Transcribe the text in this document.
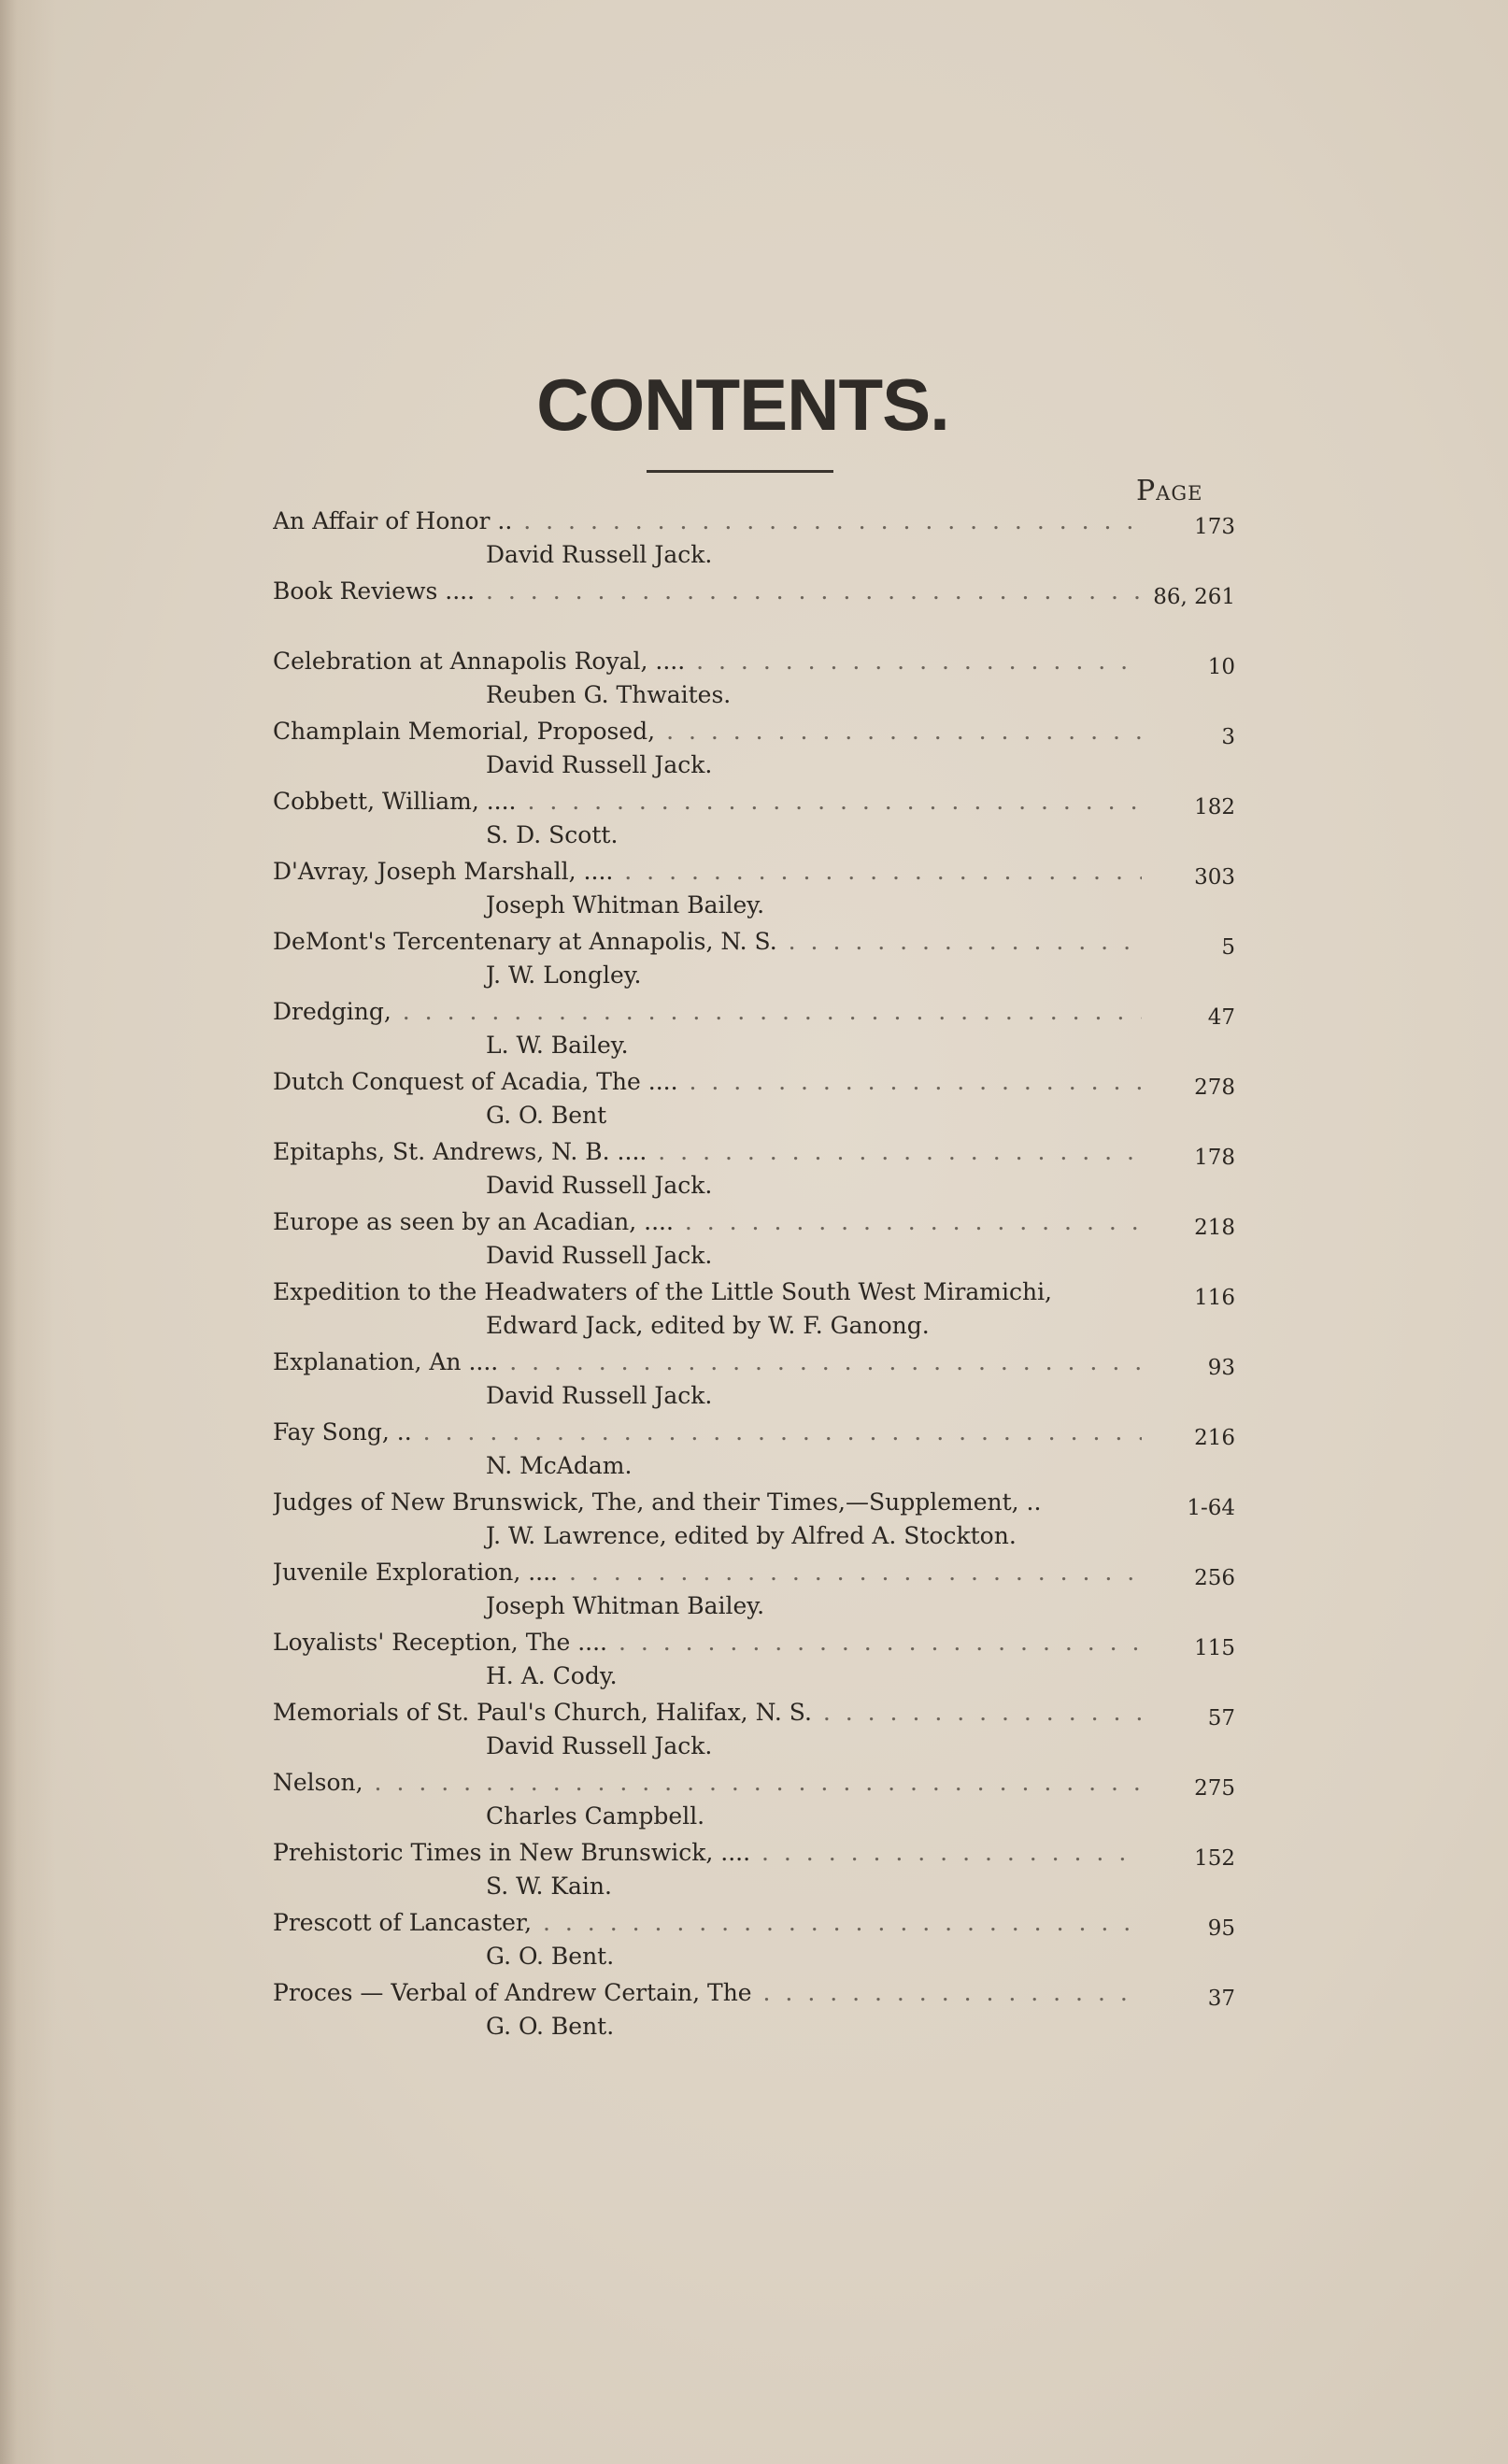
CONTENTS.
Page
An Affair of Honor .. . . .	173
David Russell Jack.
Book Reviews .... . . .	86, 261
Celebration at Annapolis Royal, .... . . .	10
Reuben G. Thwaites.
Champlain Memorial, Proposed, . . .	3
David Russell Jack.
Cobbett, William, .... . . .	182
S. D. Scott.
D'Avray, Joseph Marshall, .... . . .	303
Joseph Whitman Bailey.
DeMont's Tercentenary at Annapolis, N. S. . . .	5
J. W. Longley.
Dredging, . . .	47
L. W. Bailey.
Dutch Conquest of Acadia, The .... . . .	278
G. O. Bent
Epitaphs, St. Andrews, N. B. .... . . .	178
David Russell Jack.
Europe as seen by an Acadian, .... . . .	218
David Russell Jack.
Expedition to the Headwaters of the Little South West Miramichi,	116
Edward Jack, edited by W. F. Ganong.
Explanation, An .... . . .	93
David Russell Jack.
Fay Song, .. . . .	216
N. McAdam.
Judges of New Brunswick, The, and their Times,—Supplement, ..	1-64
J. W. Lawrence, edited by Alfred A. Stockton.
Juvenile Exploration, .... . . .	256
Joseph Whitman Bailey.
Loyalists' Reception, The .... . . .	115
H. A. Cody.
Memorials of St. Paul's Church, Halifax, N. S. . . .	57
David Russell Jack.
Nelson, . . .	275
Charles Campbell.
Prehistoric Times in New Brunswick, .... . . .	152
S. W. Kain.
Prescott of Lancaster, . . .	95
G. O. Bent.
Proces — Verbal of Andrew Certain, The . . .	37
G. O. Bent.
